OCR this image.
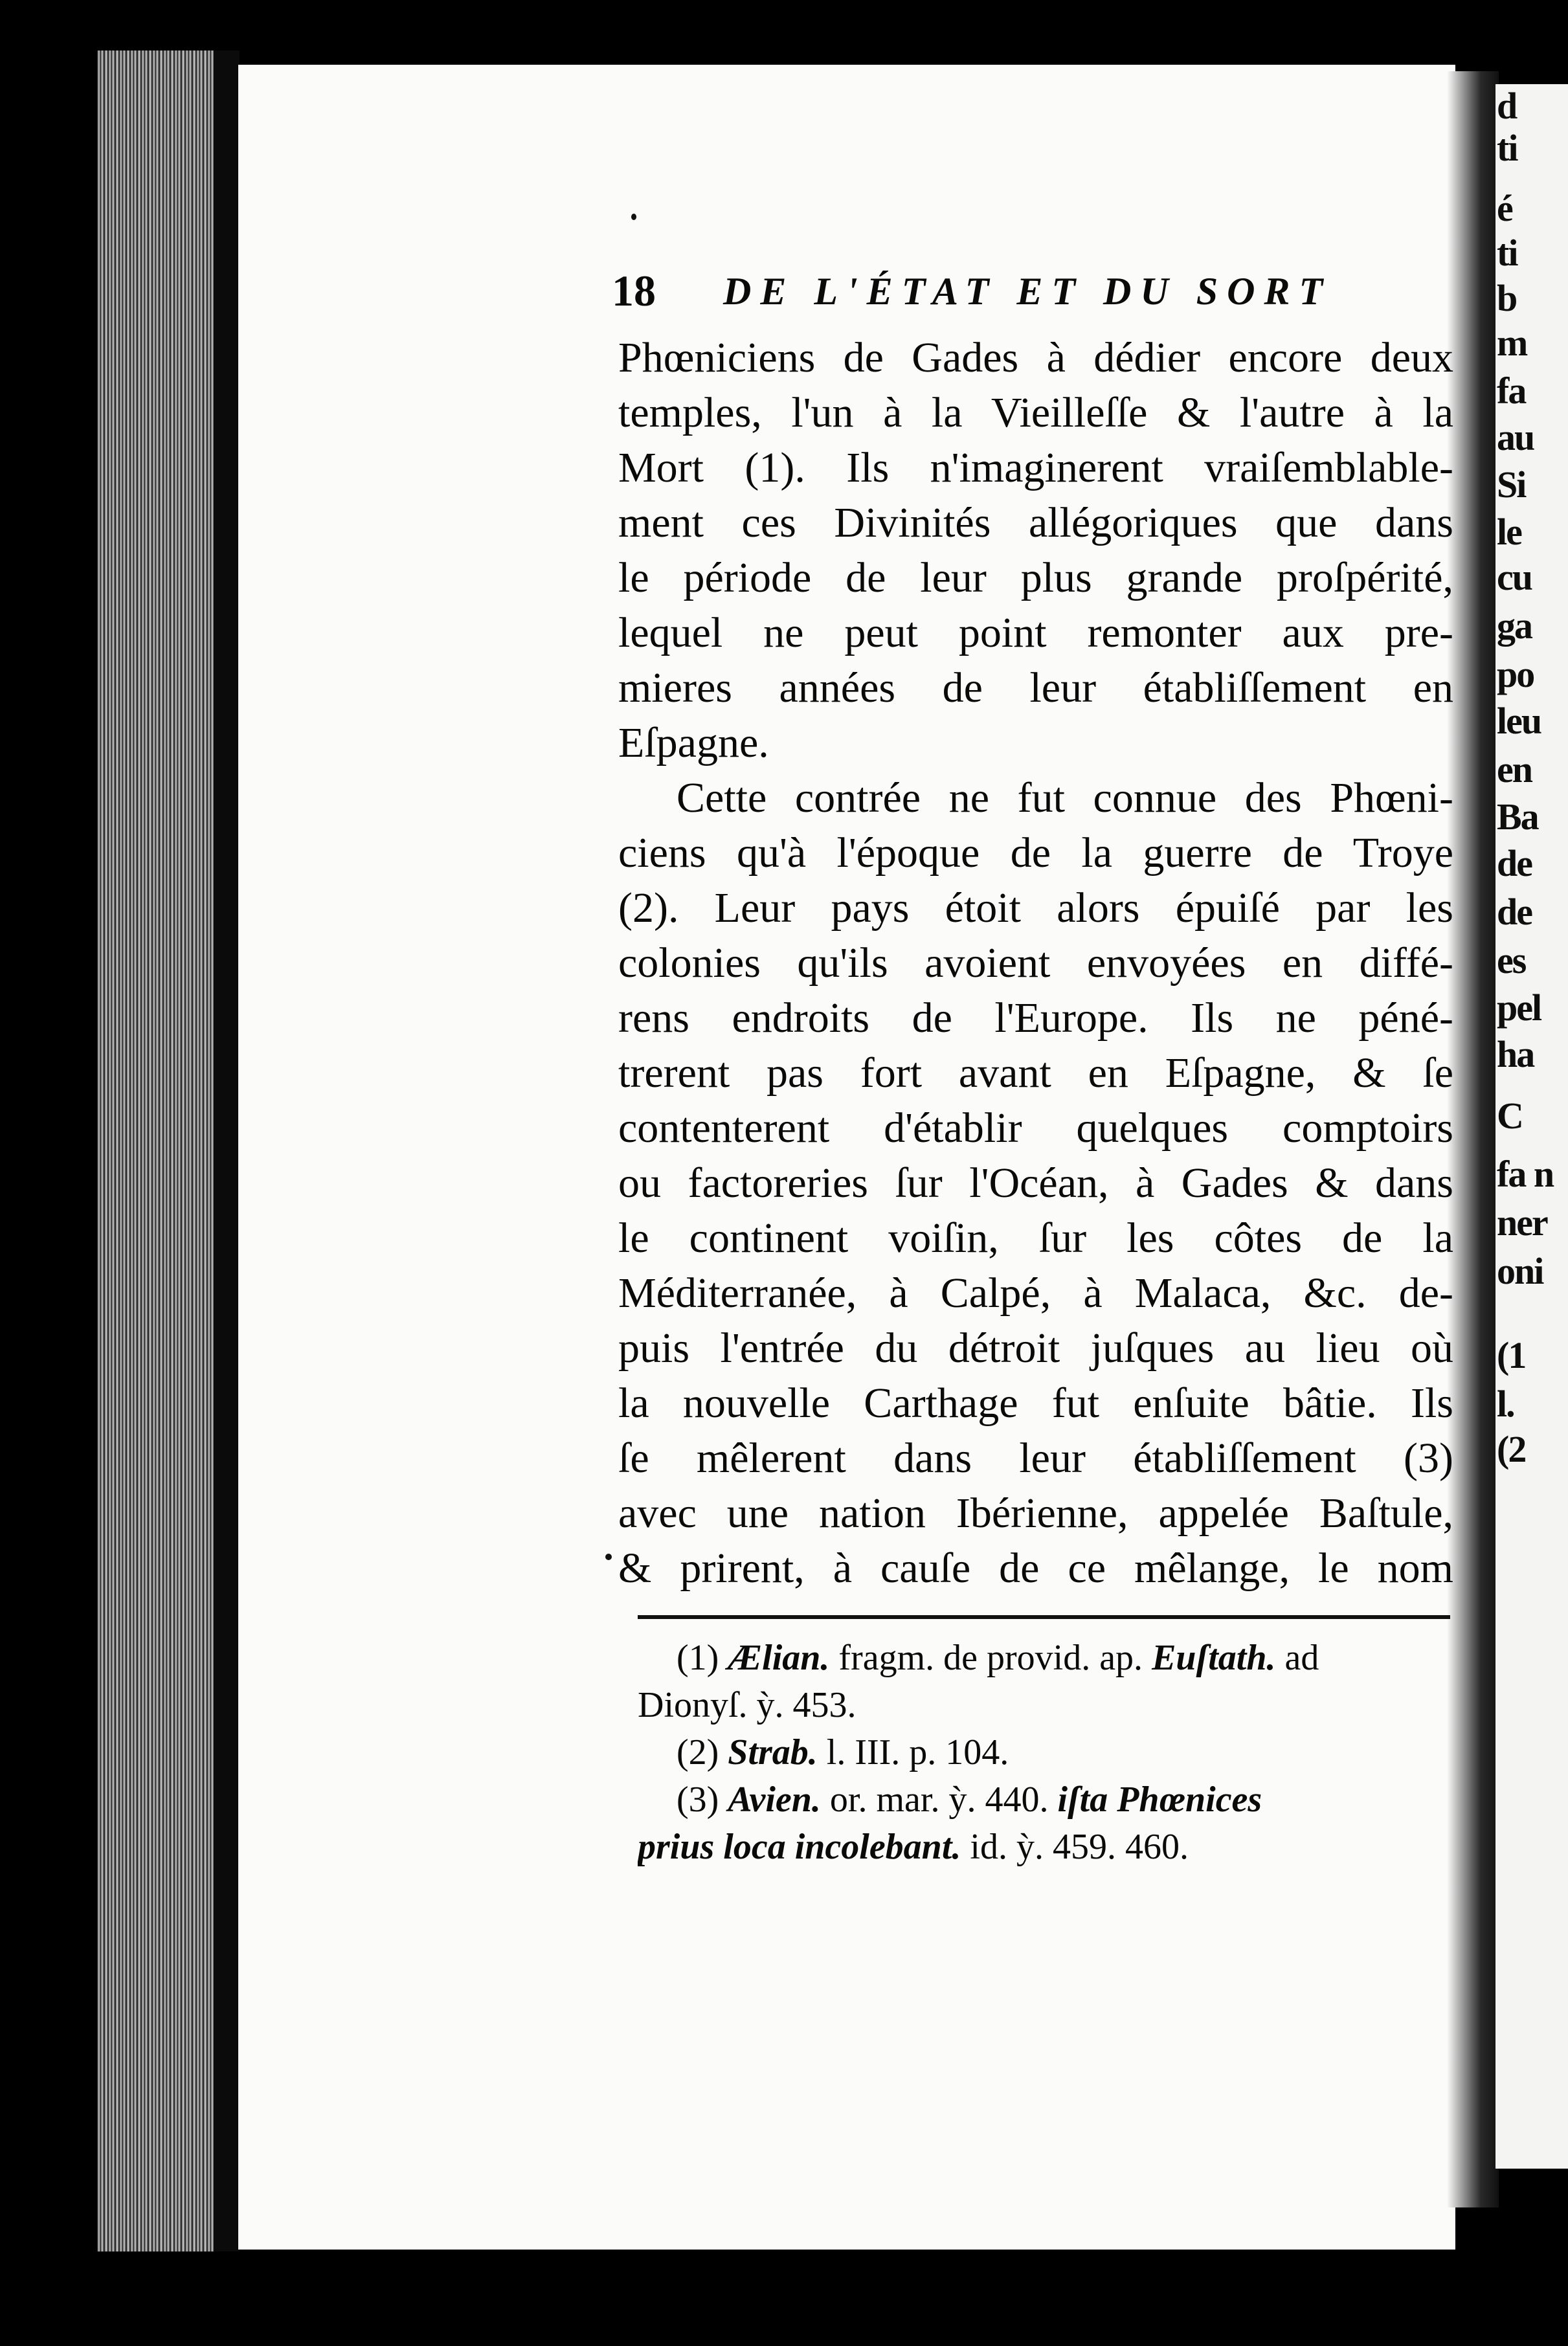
d
ti
é
ti
b
m
fa
au
Si
le
cu
ga
po
leu
en
Ba
de
de
es
pel
ha
C
fa n
ner
oni
(1
l.
(2
18 DE L'ÉTAT ET DU SORT
Phœniciens de Gades à dédier encore deux
temples, l'un à la Vieilleſſe & l'autre à la
Mort (1). Ils n'imaginerent vraiſemblable-
ment ces Divinités allégoriques que dans
le période de leur plus grande proſpérité,
lequel ne peut point remonter aux pre-
mieres années de leur établiſſement en
Eſpagne.
Cette contrée ne fut connue des Phœni-
ciens qu'à l'époque de la guerre de Troye
(2). Leur pays étoit alors épuiſé par les
colonies qu'ils avoient envoyées en diffé-
rens endroits de l'Europe. Ils ne péné-
trerent pas fort avant en Eſpagne, & ſe
contenterent d'établir quelques comptoirs
ou factoreries ſur l'Océan, à Gades & dans
le continent voiſin, ſur les côtes de la
Méditerranée, à Calpé, à Malaca, &c. de-
puis l'entrée du détroit juſques au lieu où
la nouvelle Carthage fut enſuite bâtie. Ils
ſe mêlerent dans leur établiſſement (3)
avec une nation Ibérienne, appelée Baſtule,
& prirent, à cauſe de ce mêlange, le nom
(1) Ælian. fragm. de provid. ap. Euſtath. ad
Dionyſ. ỳ. 453.
(2) Strab. l. III. p. 104.
(3) Avien. or. mar. ỳ. 440. iſta Phœnices
prius loca incolebant. id. ỳ. 459. 460.
